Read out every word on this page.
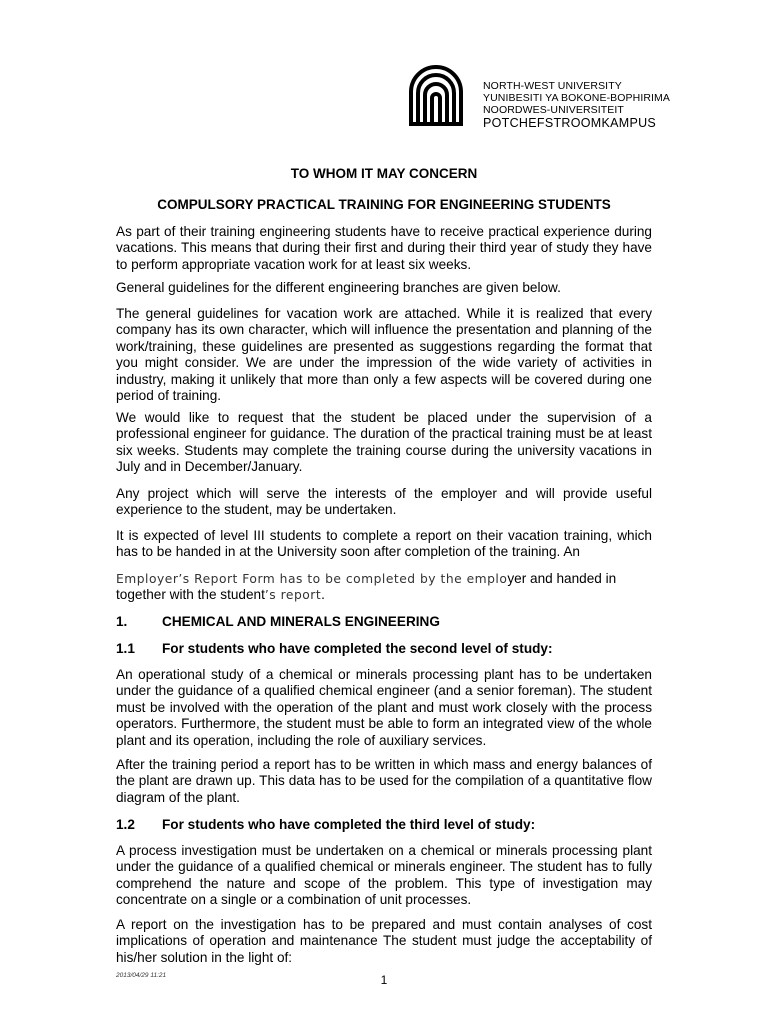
NORTH-WEST UNIVERSITY
YUNIBESITI YA BOKONE-BOPHIRIMA
NOORDWES-UNIVERSITEIT
POTCHEFSTROOMKAMPUS
TO WHOM IT MAY CONCERN
COMPULSORY PRACTICAL TRAINING FOR ENGINEERING STUDENTS
As part of their training engineering students have to receive practical experience during vacations. This means that during their first and during their third year of study they have to perform appropriate vacation work for at least six weeks.
General guidelines for the different engineering branches are given below.
The general guidelines for vacation work are attached. While it is realized that every company has its own character, which will influence the presentation and planning of the work/training, these guidelines are presented as suggestions regarding the format that you might consider. We are under the impression of the wide variety of activities in industry, making it unlikely that more than only a few aspects will be covered during one period of training.
We would like to request that the student be placed under the supervision of a professional engineer for guidance. The duration of the practical training must be at least six weeks. Students may complete the training course during the university vacations in July and in December/January.
Any project which will serve the interests of the employer and will provide useful experience to the student, may be undertaken.
It is expected of level III students to complete a report on their vacation training, which has to be handed in at the University soon after completion of the training. An
Employer’s Report Form has to be completed by the employer and handed in together with the student’s report.
1.	CHEMICAL AND MINERALS ENGINEERING
1.1 For students who have completed the second level of study:
An operational study of a chemical or minerals processing plant has to be undertaken under the guidance of a qualified chemical engineer (and a senior foreman). The student must be involved with the operation of the plant and must work closely with the process operators. Furthermore, the student must be able to form an integrated view of the whole plant and its operation, including the role of auxiliary services.
After the training period a report has to be written in which mass and energy balances of the plant are drawn up. This data has to be used for the compilation of a quantitative flow diagram of the plant.
1.2 For students who have completed the third level of study:
A process investigation must be undertaken on a chemical or minerals processing plant under the guidance of a qualified chemical or minerals engineer. The student has to fully comprehend the nature and scope of the problem. This type of investigation may concentrate on a single or a combination of unit processes.
A report on the investigation has to be prepared and must contain analyses of cost implications of operation and maintenance The student must judge the acceptability of his/her solution in the light of:
2013/04/29 11:21	1
